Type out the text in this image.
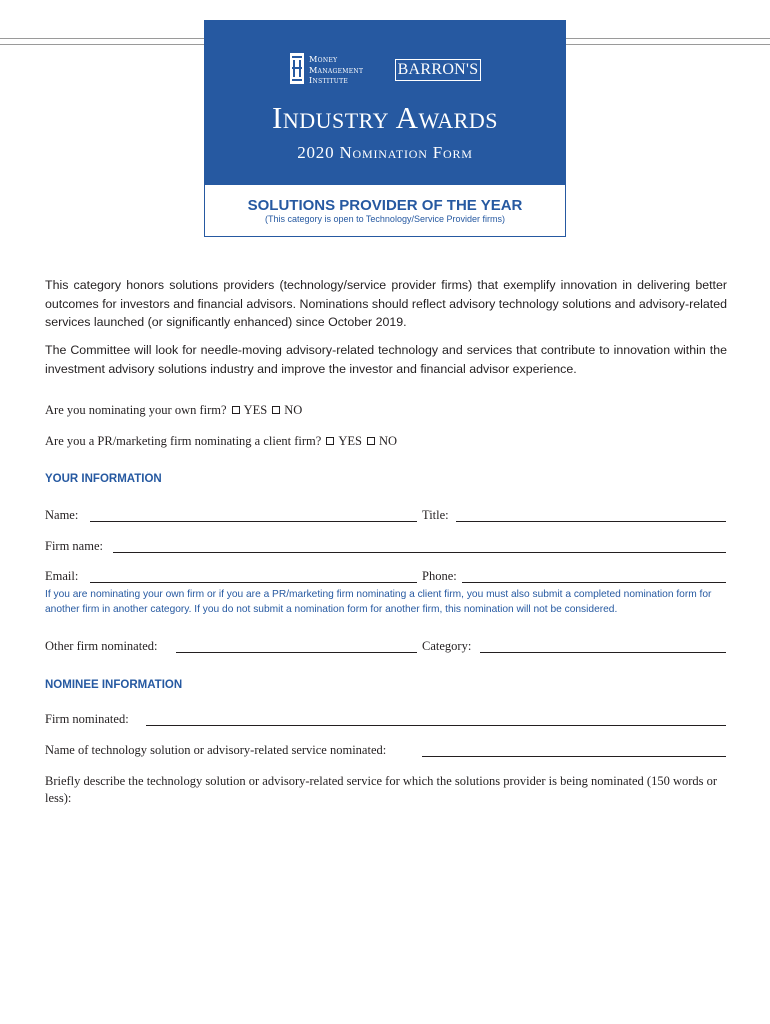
Money
Management
Institute
BARRON'S
Industry Awards
2020 Nomination Form
SOLUTIONS PROVIDER OF THE YEAR
(This category is open to Technology/Service Provider firms)
This category honors solutions providers (technology/service provider firms) that exemplify innovation in delivering better outcomes for investors and financial advisors. Nominations should reflect advisory technology solutions and advisory-related services launched (or significantly enhanced) since October 2019.
The Committee will look for needle-moving advisory-related technology and services that contribute to innovation within the investment advisory solutions industry and improve the investor and financial advisor experience.
Are you nominating your own firm? YES NO
Are you a PR/marketing firm nominating a client firm? YES NO
YOUR INFORMATION
Name:	Title:
Firm name:
Email:	Phone:
If you are nominating your own firm or if you are a PR/marketing firm nominating a client firm, you must also submit a completed nomination form for another firm in another category. If you do not submit a nomination form for another firm, this nomination will not be considered.
Other firm nominated:	Category:
NOMINEE INFORMATION
Firm nominated:
Name of technology solution or advisory-related service nominated:
Briefly describe the technology solution or advisory-related service for which the solutions provider is being nominated (150 words or less):
